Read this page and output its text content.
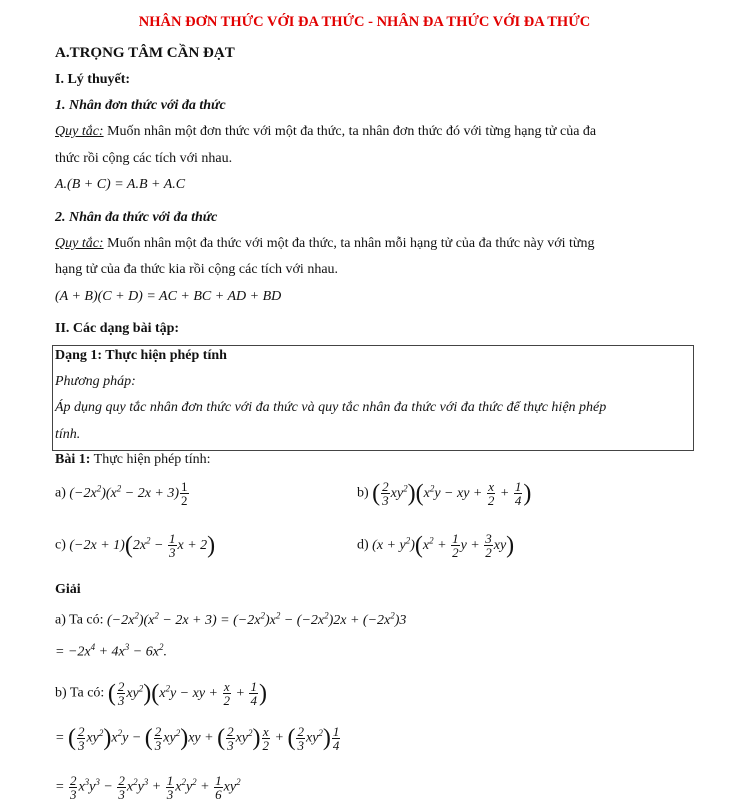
NHÂN ĐƠN THỨC VỚI ĐA THỨC - NHÂN ĐA THỨC VỚI ĐA THỨC
A.TRỌNG TÂM CẦN ĐẠT
I. Lý thuyết:
1. Nhân đơn thức với đa thức
Quy tắc: Muốn nhân một đơn thức với một đa thức, ta nhân đơn thức đó với từng hạng tử của đa
thức rồi cộng các tích với nhau.
A.(B + C) = A.B + A.C
2. Nhân đa thức với đa thức
Quy tắc: Muốn nhân một đa thức với một đa thức, ta nhân mỗi hạng tử của đa thức này với từng
hạng tử của đa thức kia rồi cộng các tích với nhau.
(A + B)(C + D) = AC + BC + AD + BD
II. Các dạng bài tập:
Dạng 1: Thực hiện phép tính
Phương pháp:
Áp dụng quy tắc nhân đơn thức với đa thức và quy tắc nhân đa thức với đa thức để thực hiện phép
tính.
Bài 1: Thực hiện phép tính:
a) $(-2x^2)(x^2 - 2x + 3) \frac{1}{2}$	b) ( $\frac{2}{3} xy^2)(x^2y$ − xy + $\frac{x}{2} + \frac{1}{4}$ )
c) $(-2x + 1)(2x^2 - \frac{1}{3}$ x + 2)	d) $(x + y^2)(x^2 + \frac{1}{2}$ $y + \frac{3}{2} xy$)
Giải
a) Ta có: $(-2x^2)(x^2 - 2x + 3) = (-2x^2)x^2 - (-2x^2)2x + (-2x^2)3$
= $-2x^4 + 4x^3 - 6x^2$.
b) Ta có: ( $\frac{2}{3} xy^2)(x^2y$ − xy + $\frac{x}{2} + \frac{1}{4}$ )
= ( $\frac{2}{3} xy^2)x^2y$ − ( $\frac{2}{3} xy^2)xy$ + ( $\frac{2}{3} xy^2) \frac{x}{2}$ + ( $\frac{2}{3} xy^2) \frac{1}{4}$
= $\frac{2}{3} x^3y^3 - \frac{2}{3} x^2y^3 + \frac{1}{3} x^2y^2 + \frac{1}{6} xy^2$
